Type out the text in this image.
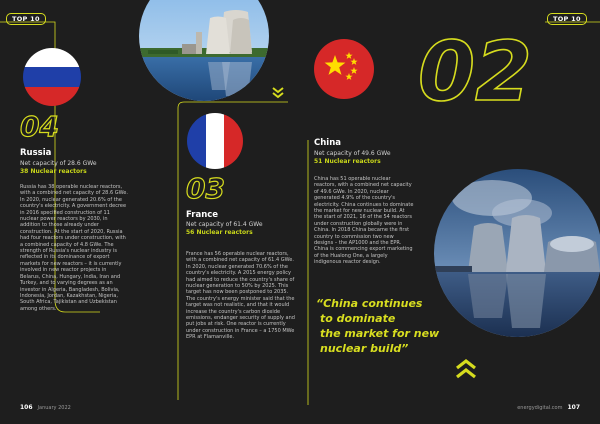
TOP 10	TOP 10
04
Russia
Net capacity of 28.6 GWe
38 Nuclear reactors
Russia has 38 operable nuclear reactors, with a combined net capacity of 28.6 GWe. In 2020, nuclear generated 20.6% of the country's electricity. A government decree in 2016 specified construction of 11 nuclear power reactors by 2030, in addition to those already under construction. At the start of 2020, Russia had four reactors under construction, with a combined capacity of 4.8 GWe. The strength of Russia's nuclear industry is reflected in its dominance of export markets for new reactors – it is currently involved in new reactor projects in Belarus, China, Hungary, India, Iran and Turkey, and to varying degrees as an investor in Algeria, Bangladesh, Bolivia, Indonesia, Jordan, Kazakhstan, Nigeria, South Africa, Tajikistan and Uzbekistan among others.
03
France
Net capacity of 61.4 GWe
56 Nuclear reactors
France has 56 operable nuclear reactors, with a combined net capacity of 61.4 GWe. In 2020, nuclear generated 70.6% of the country's electricity. A 2015 energy policy had aimed to reduce the country's share of nuclear generation to 50% by 2025. This target has now been postponed to 2035. The country's energy minister said that the target was not realistic, and that it would increase the country's carbon dioxide emissions, endanger security of supply and put jobs at risk. One reactor is currently under construction in France – a 1750 MWe EPR at Flamanville.
02
China
Net capacity of 49.6 GWe
51 Nuclear reactors
China has 51 operable nuclear reactors, with a combined net capacity of 49.6 GWe. In 2020, nuclear generated 4.9% of the country's electricity. China continues to dominate the market for new nuclear build. At the start of 2021, 16 of the 54 reactors under construction globally were in China. In 2018 China became the first country to commission two new designs – the AP1000 and the EPR. China is commencing export marketing of the Hualong One, a largely indigenous reactor design.
“China continues
to dominate
the market for new
nuclear build”
106 January 2022	energydigital.com 107
